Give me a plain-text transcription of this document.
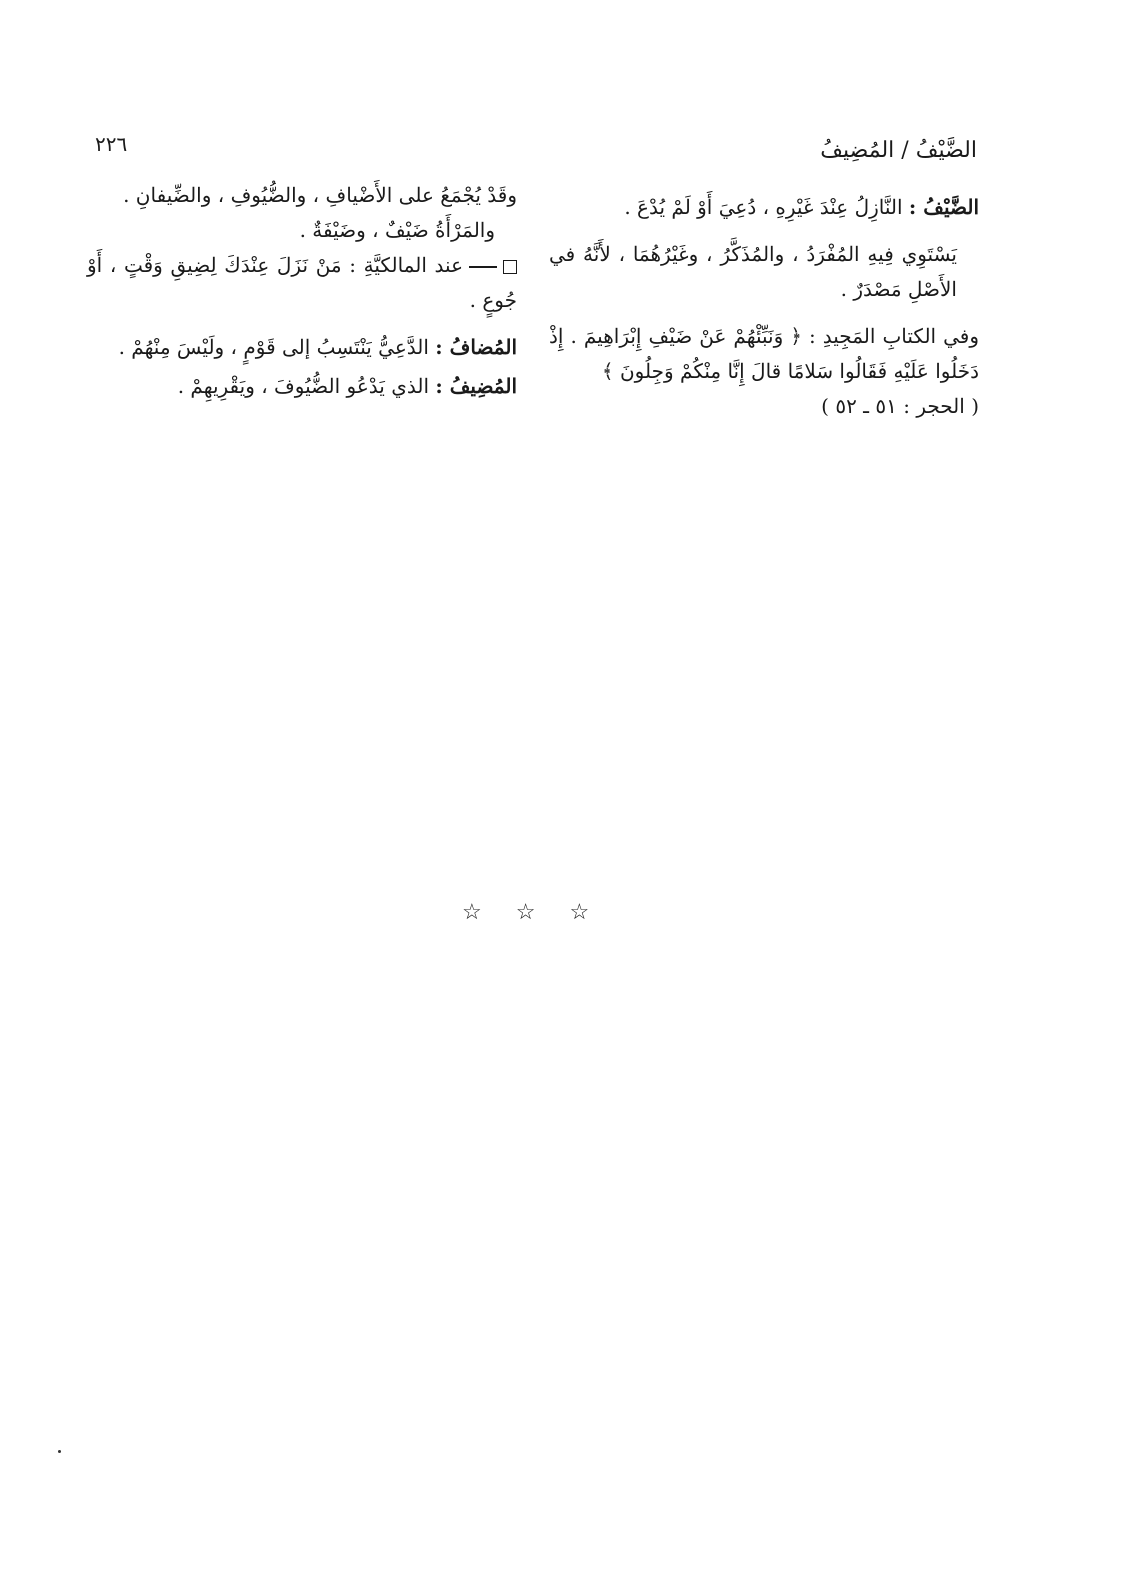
الضَّيْفُ / المُضِيفُ
٢٢٦

الضَّيْفُ : النَّازِلُ عِنْدَ غَيْرِهِ ، دُعِيَ أَوْ لَمْ يُدْعَ .

يَسْتَوِي فِيهِ المُفْرَدُ ، والمُذَكَّرُ ، وغَيْرُهُمَا ، لأَنَّهُ في الأَصْلِ مَصْدَرٌ .

وفي الكتابِ المَجِيدِ : ﴿ وَنَبِّئْهُمْ عَنْ ضَيْفِ إِبْرَاهِيمَ . إِذْ دَخَلُوا عَلَيْهِ فَقَالُوا سَلامًا قالَ إِنَّا مِنْكُمْ وَجِلُونَ ﴾
( الحجر : ٥١ ـ ٥٢ )

وقَدْ يُجْمَعُ على الأَضْيافِ ، والضُّيُوفِ ، والضِّيفانِ .

والمَرْأَةُ ضَيْفٌ ، وضَيْفَةٌ .

عند المالكيَّةِ : مَنْ نَزَلَ عِنْدَكَ لِضِيقِ وَقْتٍ ، أَوْ جُوعٍ .

المُضافُ : الدَّعِيُّ يَنْتَسِبُ إلى قَوْمٍ ، ولَيْسَ مِنْهُمْ .

المُضِيفُ : الذي يَدْعُو الضُّيُوفَ ، ويَقْرِيهِمْ .

☆☆☆
